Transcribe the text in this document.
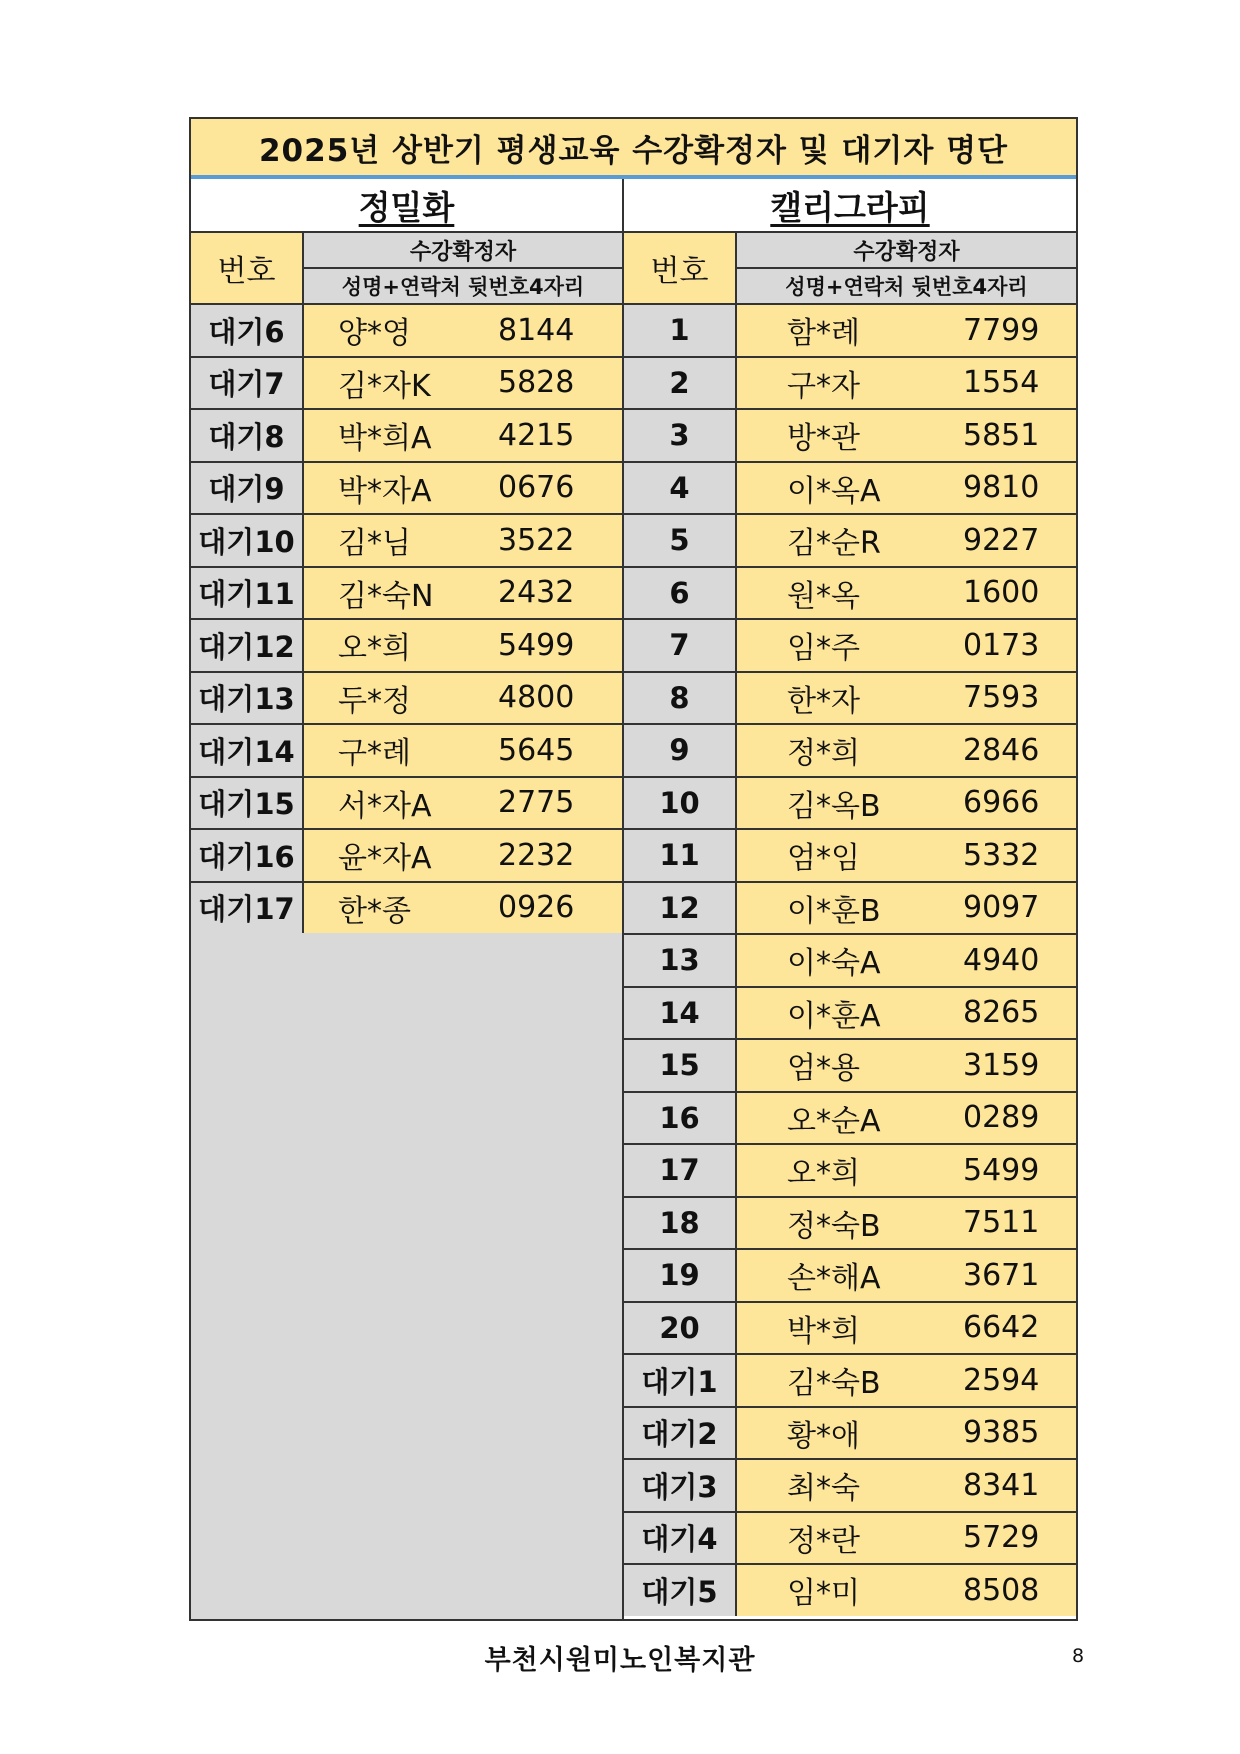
2025년 상반기 평생교육 수강확정자 및 대기자 명단
정밀화
번호
수강확정자
성명+연락처 뒷번호4자리
대기6	양*영	8144
대기7	김*자K	5828
대기8	박*희A	4215
대기9	박*자A	0676
대기10	김*님	3522
대기11	김*숙N	2432
대기12	오*희	5499
대기13	두*정	4800
대기14	구*례	5645
대기15	서*자A	2775
대기16	윤*자A	2232
대기17	한*종	0926
캘리그라피
번호
수강확정자
성명+연락처 뒷번호4자리
1	함*례	7799
2	구*자	1554
3	방*관	5851
4	이*옥A	9810
5	김*순R	9227
6	원*옥	1600
7	임*주	0173
8	한*자	7593
9	정*희	2846
10	김*옥B	6966
11	엄*임	5332
12	이*훈B	9097
13	이*숙A	4940
14	이*훈A	8265
15	엄*용	3159
16	오*순A	0289
17	오*희	5499
18	정*숙B	7511
19	손*해A	3671
20	박*희	6642
대기1	김*숙B	2594
대기2	황*애	9385
대기3	최*숙	8341
대기4	정*란	5729
대기5	임*미	8508
부천시원미노인복지관	8
